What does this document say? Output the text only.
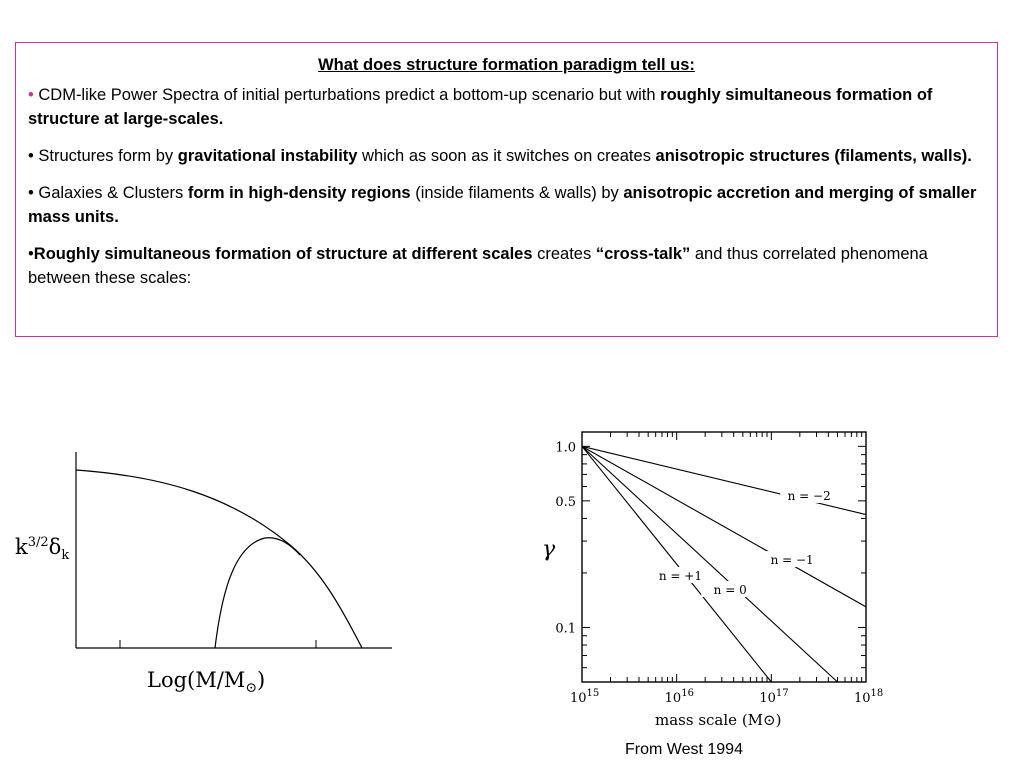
What does structure formation paradigm tell us:

• CDM-like Power Spectra of initial perturbations predict a bottom-up scenario but with roughly simultaneous formation of structure at large-scales.

• Structures form by gravitational instability which as soon as it switches on creates anisotropic structures (filaments, walls).

• Galaxies & Clusters form in high-density regions (inside filaments & walls) by anisotropic accretion and merging of smaller mass units.

•Roughly simultaneous formation of structure at different scales creates “cross-talk” and thus correlated phenomena between these scales:

$k^{3/2}\delta_k$
$Log(M/M_⊙)$
n = −2
n = −1
n = 0
n = +1
1.0
0.5
0.1
$10^{15}$	$10^{16}$	$10^{17}$	$10^{18}$
γ
mass scale (M⊙)
From West 1994
